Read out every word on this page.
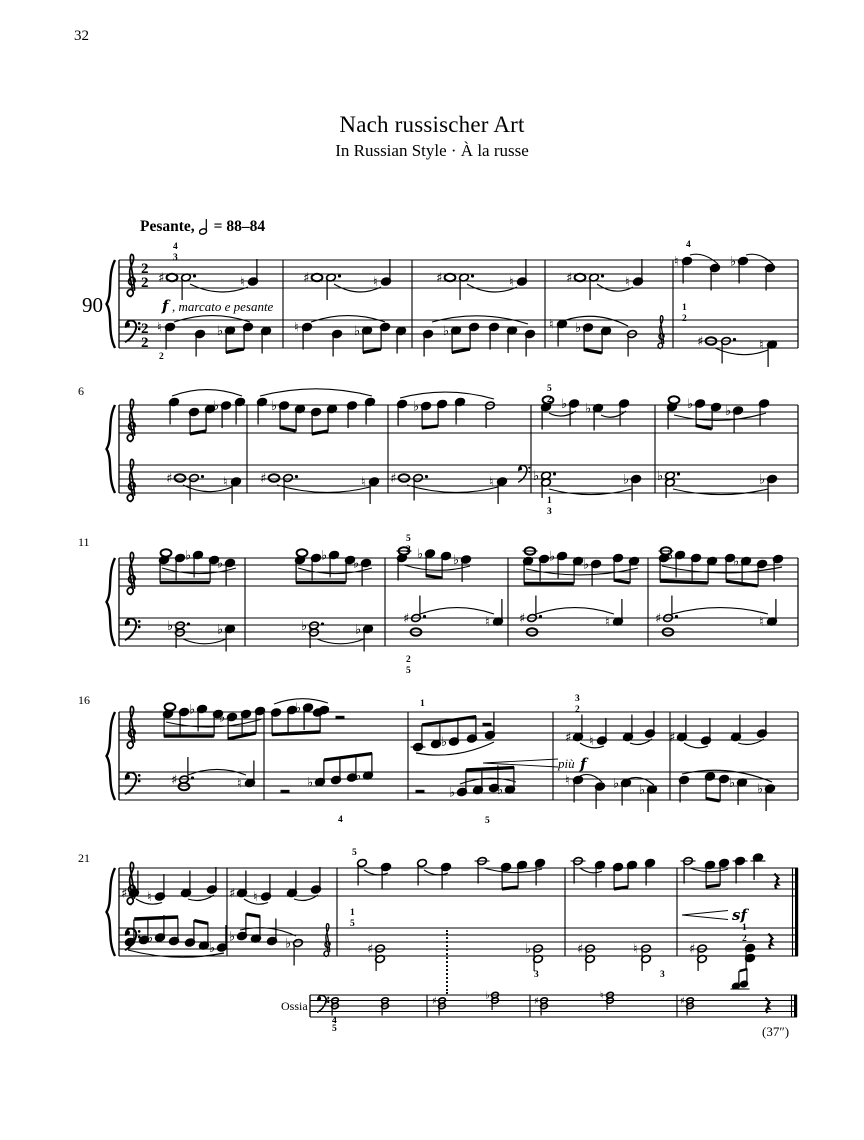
32
Nach russischer Art
In Russian Style · À la russe
Pesante, = 88–84
2
2
2
2
♯	♮	♯	♮	♯	♮	♯	♮
♮	♭
♮	♭	♮	♭	♭	♮ ♭
♯	♮
90
4
3
2
4
1
2
f , marcato e pesante
♭	♭	♭	♭ ♭	♭ ♭
♯	♮ ♯	♮ ♯	♮	♭	♭ ♭	♭
6	5
2
1
3
♭
♭
♭
♭
♭ ♭	♭
♭
♭	♭
♭	♭	♭	♭
♯	♮ ♯	♮	♯	♮
11	5
2
2
5
♭
♭
♭
♭	♯ ♮	♯
♯	♮	♭	♭
♭	♭
♮	♭ ♭	♭ ♭
16	1	3
2
4	5
più f
♯ ♮	♯ ♮
♭
♭
♭	♭	♯	♭	♯	♮	♯
21	5
1
5
3	3
sf
1
2
♯	♯	♭	♯	♮	♯
4
5
Ossia
(37″)
